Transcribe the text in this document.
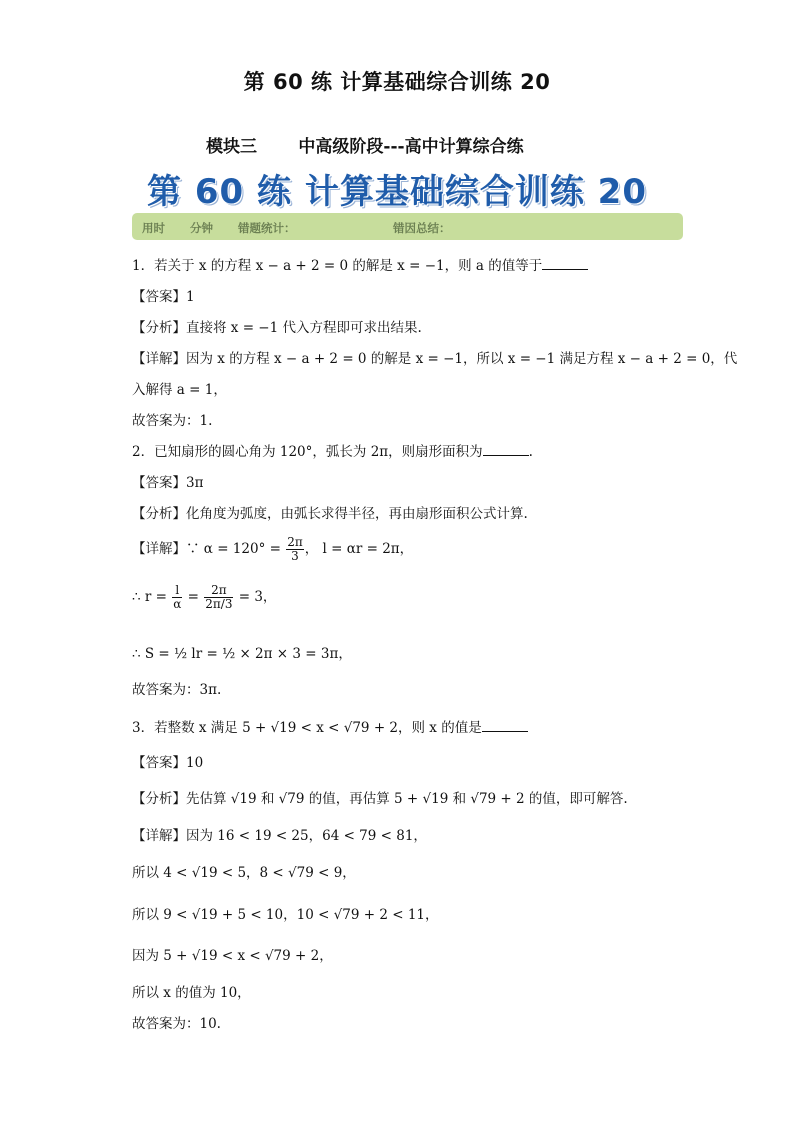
第 60 练 计算基础综合训练 20
模块三       中高级阶段---高中计算综合练
第 60 练 计算基础综合训练 20
用时 分钟 错题统计：	错因总结：
1．若关于 x 的方程 x − a + 2 = 0 的解是 x = −1，则 a 的值等于
【答案】1
【分析】直接将 x = −1 代入方程即可求出结果.
【详解】因为 x 的方程 x − a + 2 = 0 的解是 x = −1，所以 x = −1 满足方程 x − a + 2 = 0，代
入解得 a = 1，
故答案为：1.
2．已知扇形的圆心角为 120°，弧长为 2π，则扇形面积为	.
【答案】3π
【分析】化角度为弧度，由弧长求得半径，再由扇形面积公式计算.
【详解】∵ $\alpha = 120^\circ = \frac{2\pi}{3}$ ， l = αr = 2π，
∴ $r = \frac{l}{\alpha} = \frac{2\pi}{2\pi/3} = 3$，
∴ S = ½ lr = ½ × 2π × 3 = 3π，
故答案为：3π.
3．若整数 x 满足 5 + √19 < x < √79 + 2，则 x 的值是
【答案】10
【分析】先估算 √19 和 √79 的值，再估算 5 + √19 和 √79 + 2 的值，即可解答.
【详解】因为 16 < 19 < 25，64 < 79 < 81，
所以 4 < √19 < 5，8 < √79 < 9，
所以 9 < √19 + 5 < 10，10 < √79 + 2 < 11，
因为 5 + √19 < x < √79 + 2，
所以 x 的值为 10，
故答案为：10.
